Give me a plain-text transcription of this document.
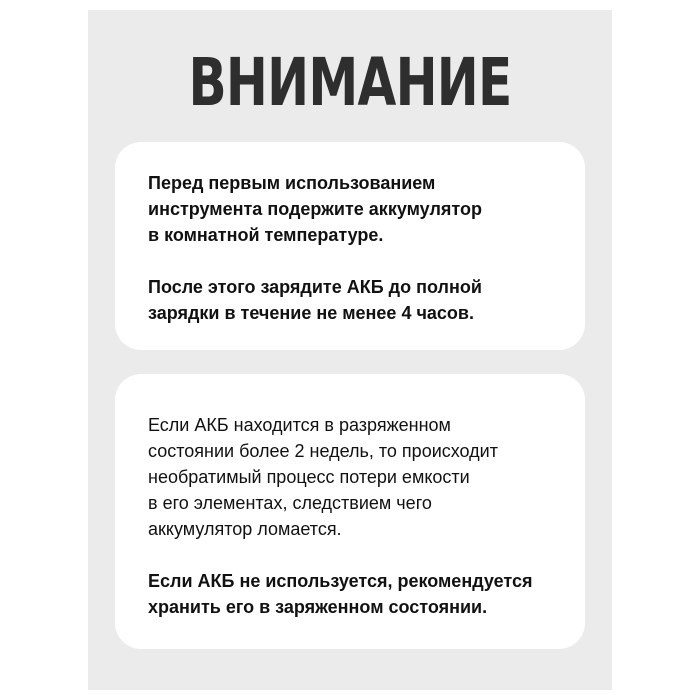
ВНИМАНИЕ

Перед первым использованием
инструмента подержите аккумулятор
в комнатной температуре.

После этого зарядите АКБ до полной
зарядки в течение не менее 4 часов.

Если АКБ находится в разряженном
состоянии более 2 недель, то происходит
необратимый процесс потери емкости
в его элементах, следствием чего
аккумулятор ломается.

Если АКБ не используется, рекомендуется
хранить его в заряженном состоянии.
